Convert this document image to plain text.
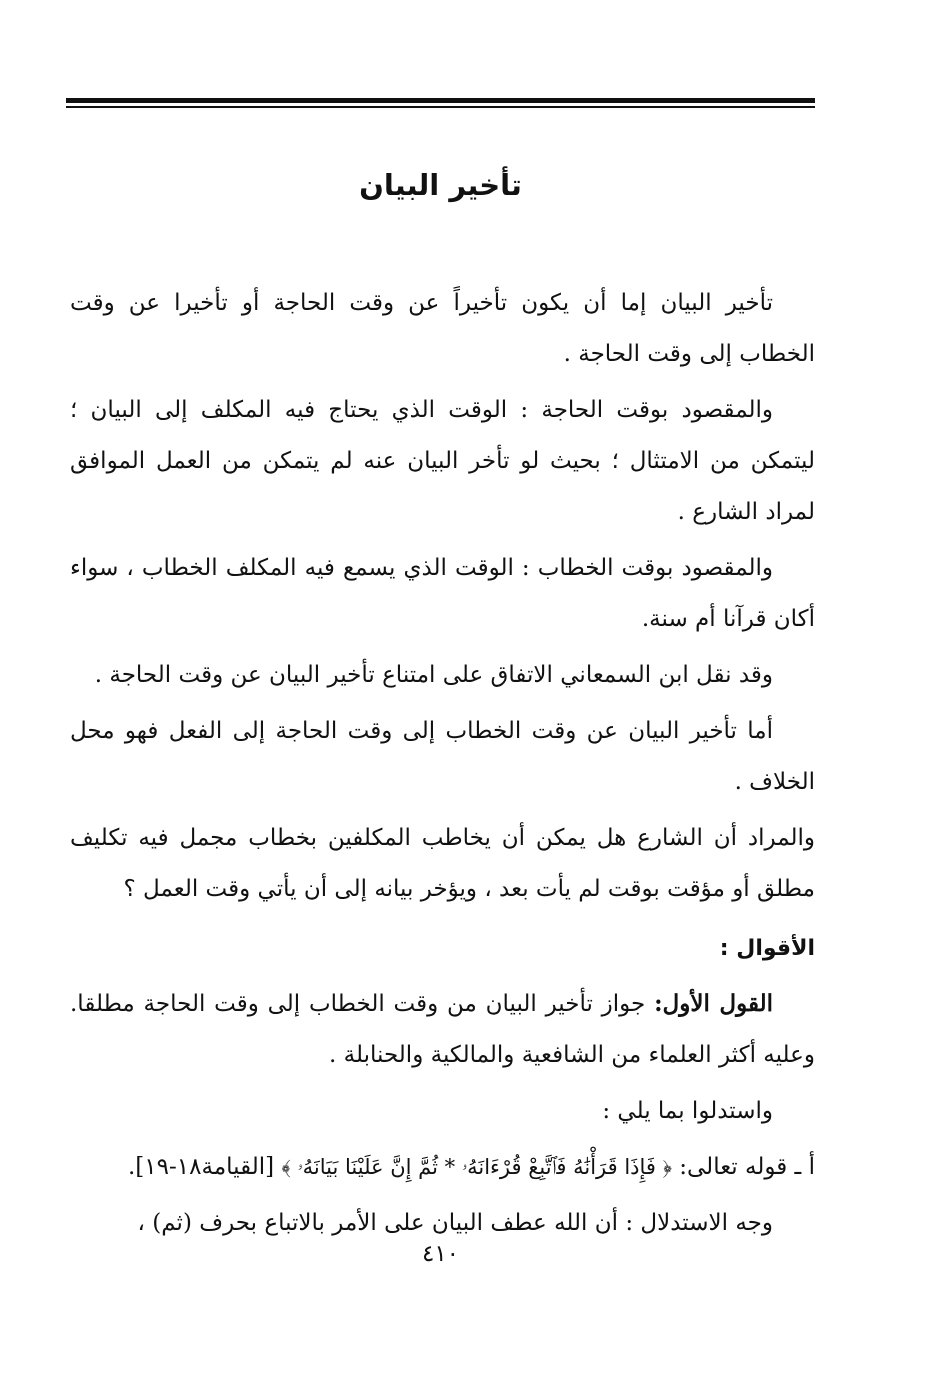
تأخير البيان

تأخير البيان إما أن يكون تأخيراً عن وقت الحاجة أو تأخيرا عن وقت الخطاب إلى وقت الحاجة .

والمقصود بوقت الحاجة : الوقت الذي يحتاج فيه المكلف إلى البيان ؛ ليتمكن من الامتثال ؛ بحيث لو تأخر البيان عنه لم يتمكن من العمل الموافق لمراد الشارع .

والمقصود بوقت الخطاب : الوقت الذي يسمع فيه المكلف الخطاب ، سواء أكان قرآنا أم سنة.

وقد نقل ابن السمعاني الاتفاق على امتناع تأخير البيان عن وقت الحاجة .

أما تأخير البيان عن وقت الخطاب إلى وقت الحاجة إلى الفعل فهو محل الخلاف .

والمراد أن الشارع هل يمكن أن يخاطب المكلفين بخطاب مجمل فيه تكليف مطلق أو مؤقت بوقت لم يأت بعد ، ويؤخر بيانه إلى أن يأتي وقت العمل ؟

الأقوال :

القول الأول: جواز تأخير البيان من وقت الخطاب إلى وقت الحاجة مطلقا. وعليه أكثر العلماء من الشافعية والمالكية والحنابلة .

واستدلوا بما يلي :

أ ـ قوله تعالى: ﴿ فَإِذَا قَرَأْنَٰهُ فَٱتَّبِعْ قُرْءَانَهُۥ * ثُمَّ إِنَّ عَلَيْنَا بَيَانَهُۥ ﴾ [القيامة١٨-١٩].

وجه الاستدلال : أن الله عطف البيان على الأمر بالاتباع بحرف (ثم) ،

٤١٠
